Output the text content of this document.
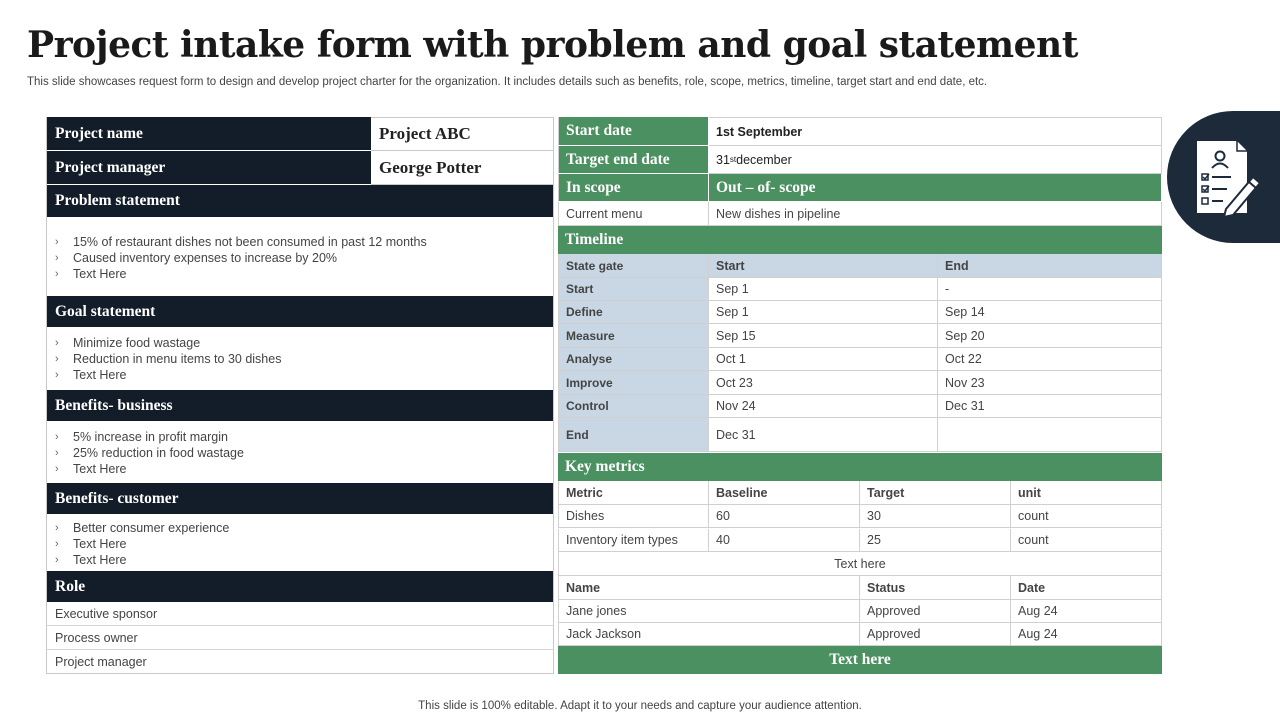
Project intake form with problem and goal statement
This slide showcases request form to design and develop project charter for the organization. It includes details such as benefits, role, scope, metrics, timeline, target start and end date, etc.
Project name	Project ABC
Project manager	George Potter
Problem statement
›	15% of restaurant dishes not been consumed in past 12 months
›	Caused inventory expenses to increase by 20%
›	Text Here
Goal statement
›	Minimize food wastage
›	Reduction in menu items to 30 dishes
›	Text Here
Benefits- business
›	5% increase in profit margin
›	25% reduction in food wastage
›	Text Here
Benefits- customer
›	Better consumer experience
›	Text Here
›	Text Here
Role
Executive sponsor
Process owner
Project manager
Start date	1st September
Target end date	31 st december
In scope	Out – of- scope
Current menu	New dishes in pipeline
Timeline
State gate	Start	End
Start	Sep 1	-
Define	Sep 1	Sep 14
Measure	Sep 15	Sep 20
Analyse	Oct 1	Oct 22
Improve	Oct 23	Nov 23
Control	Nov 24	Dec 31
End	Dec 31
Key metrics
Metric	Baseline	Target	unit
Dishes	60	30	count
Inventory item types	40	25	count
Text here
Name	Status	Date
Jane jones	Approved	Aug 24
Jack Jackson	Approved	Aug 24
Text here
This slide is 100% editable. Adapt it to your needs and capture your audience attention.
